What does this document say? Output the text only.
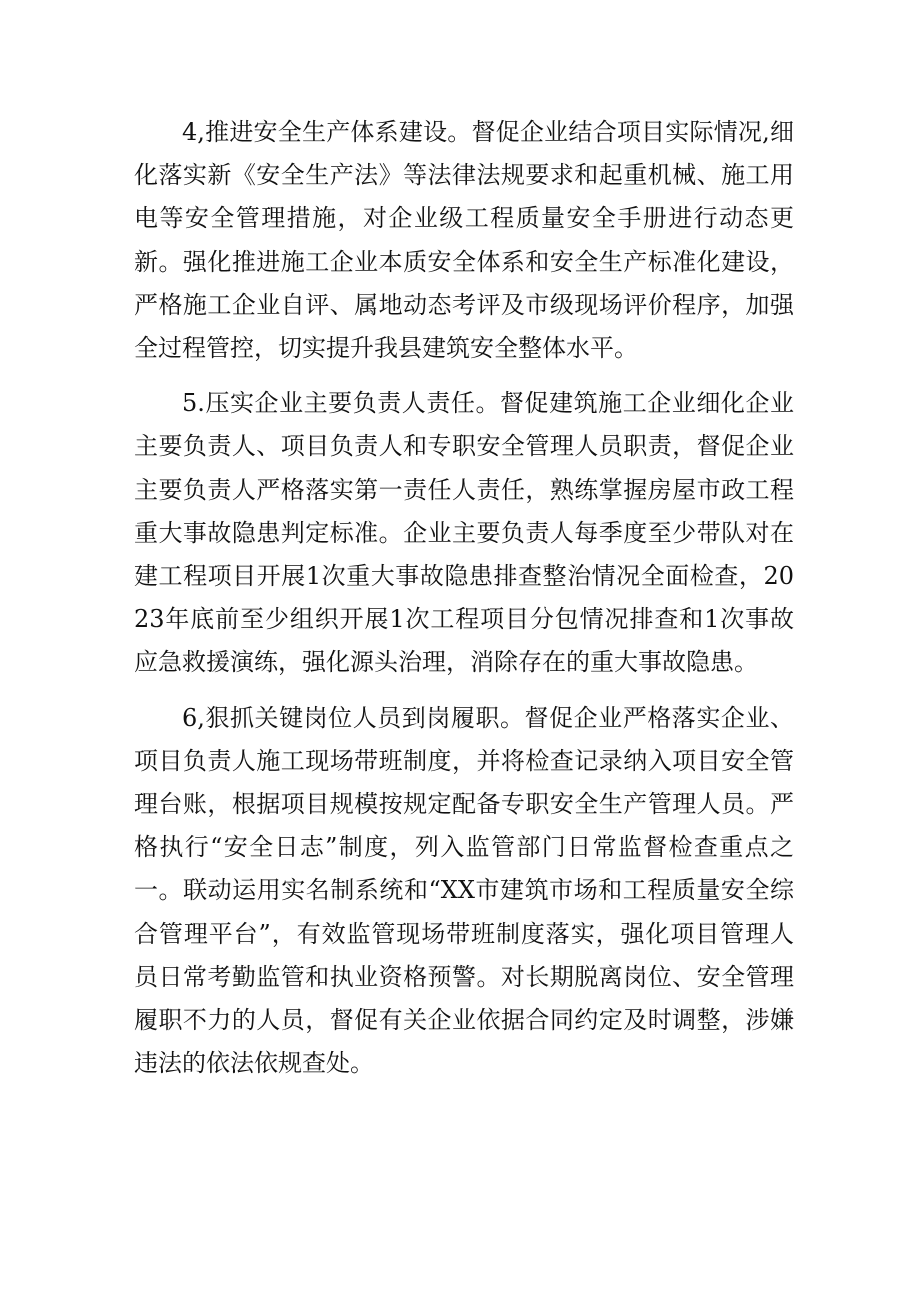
4,推进安全生产体系建设。督促企业结合项目实际情况,细化落实新《安全生产法》等法律法规要求和起重机械、施工用电等安全管理措施，对企业级工程质量安全手册进行动态更新。强化推进施工企业本质安全体系和安全生产标准化建设，严格施工企业自评、属地动态考评及市级现场评价程序，加强全过程管控，切实提升我县建筑安全整体水平。

5.压实企业主要负责人责任。督促建筑施工企业细化企业主要负责人、项目负责人和专职安全管理人员职责，督促企业主要负责人严格落实第一责任人责任，熟练掌握房屋市政工程重大事故隐患判定标准。企业主要负责人每季度至少带队对在建工程项目开展1次重大事故隐患排查整治情况全面检查，2023年底前至少组织开展1次工程项目分包情况排查和1次事故应急救援演练，强化源头治理，消除存在的重大事故隐患。

6,狠抓关键岗位人员到岗履职。督促企业严格落实企业、项目负责人施工现场带班制度，并将检查记录纳入项目安全管理台账，根据项目规模按规定配备专职安全生产管理人员。严格执行“安全日志”制度，列入监管部门日常监督检查重点之一。联动运用实名制系统和“XX市建筑市场和工程质量安全综合管理平台”，有效监管现场带班制度落实，强化项目管理人员日常考勤监管和执业资格预警。对长期脱离岗位、安全管理履职不力的人员，督促有关企业依据合同约定及时调整，涉嫌违法的依法依规查处。
